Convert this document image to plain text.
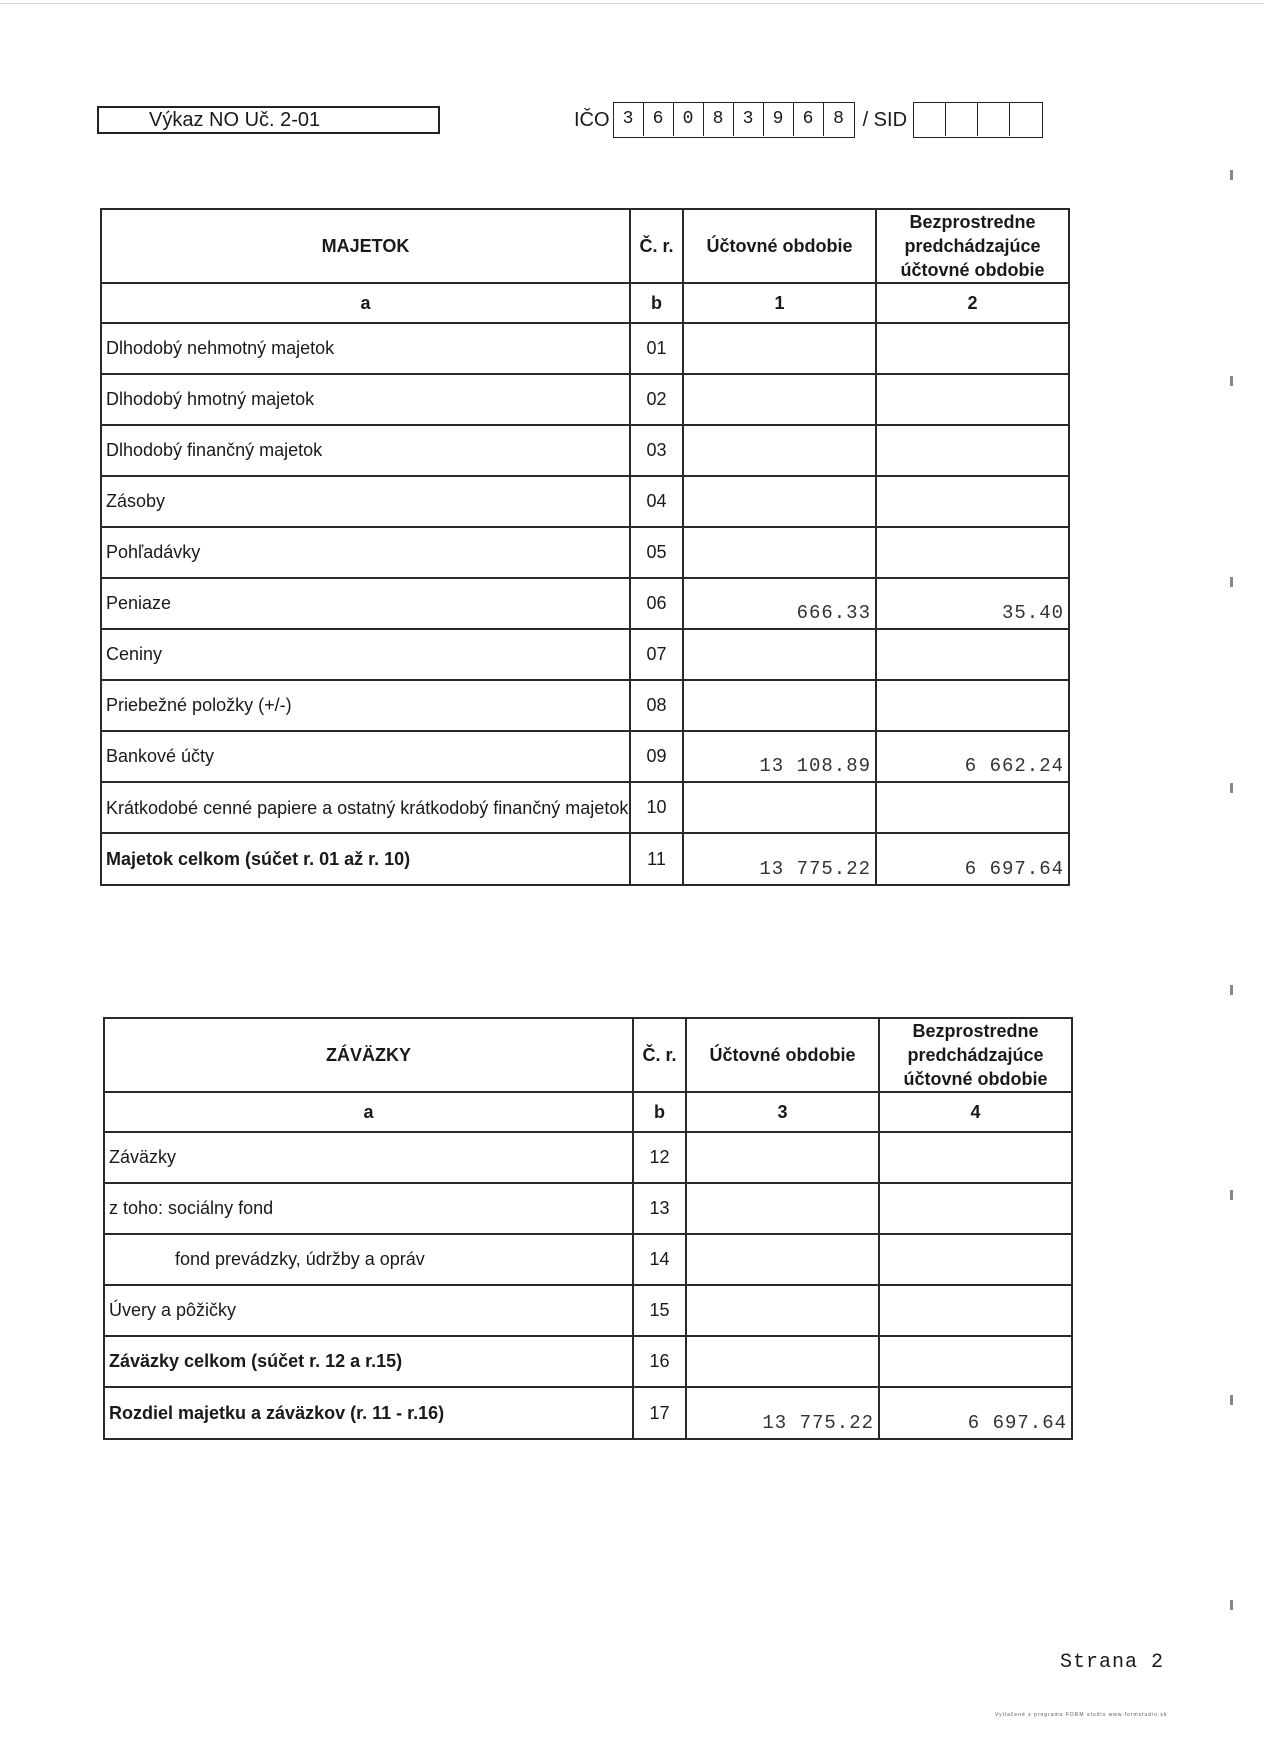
Výkaz NO Uč. 2-01	IČO 3	6	0	8	3	9	6	8 / SID
MAJETOK	Č. r.	Účtovné obdobie	Bezprostredne predchádzajúce účtovné obdobie
a	b	1	2
Dlhodobý nehmotný majetok	01		
Dlhodobý hmotný majetok	02		
Dlhodobý finančný majetok	03		
Zásoby	04		
Pohľadávky	05		
Peniaze	06	666.33	35.40
Ceniny	07		
Priebežné položky (+/-)	08		
Bankové účty	09	13 108.89	6 662.24
Krátkodobé cenné papiere a ostatný krátkodobý finančný majetok	10		
Majetok celkom (súčet r. 01 až r. 10)	11	13 775.22	6 697.64
ZÁVÄZKY	Č. r.	Účtovné obdobie	Bezprostredne predchádzajúce účtovné obdobie
a	b	3	4
Záväzky	12		
z toho: sociálny fond	13		
fond prevádzky, údržby a opráv	14		
Úvery a pôžičky	15		
Záväzky celkom (súčet r. 12 a r.15)	16		
Rozdiel majetku a záväzkov (r. 11 - r.16)	17	13 775.22	6 697.64
Strana 2
Vytlačené z programu FORM studio www.formstudio.sk
